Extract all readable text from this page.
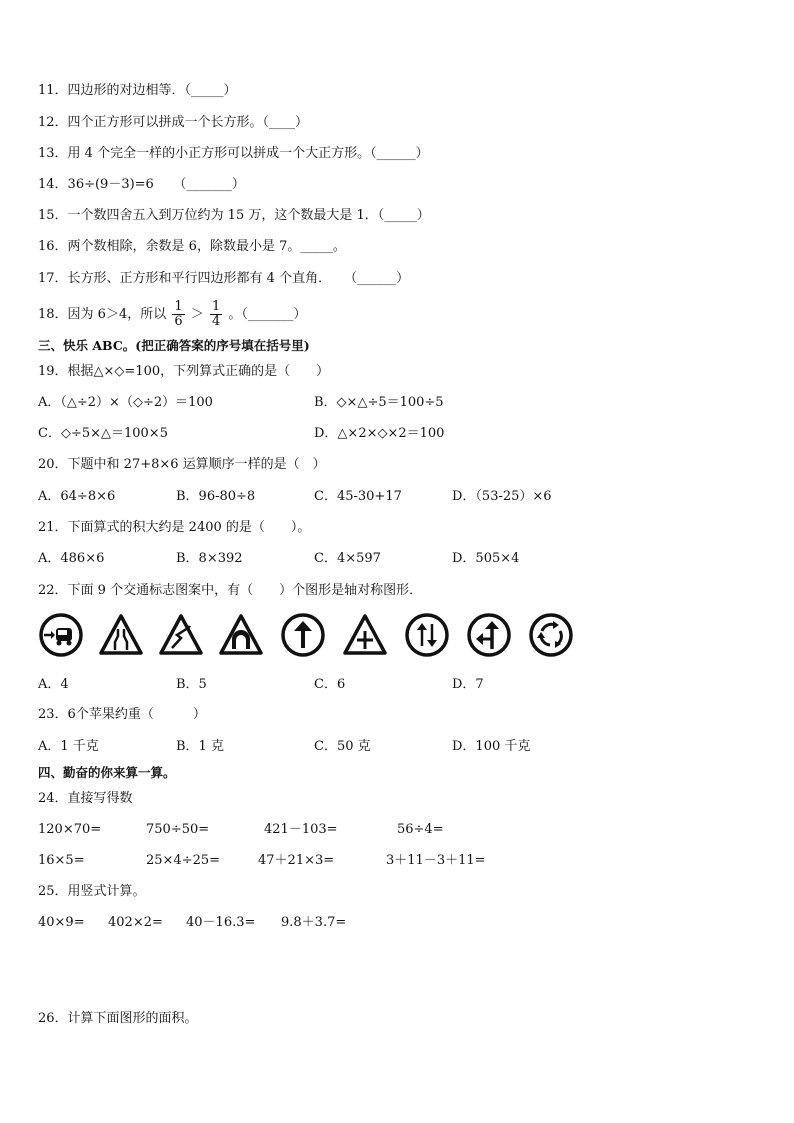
11．四边形的对边相等．（_____）
12．四个正方形可以拼成一个长方形。（____）
13．用 4 个完全一样的小正方形可以拼成一个大正方形。（______）
14．36÷(9－3)=6　　（_______）
15．一个数四舍五入到万位约为 15 万，这个数最大是 1．（_____）
16．两个数相除，余数是 6，除数最小是 7。_____。
17．长方形、正方形和平行四边形都有 4 个直角．　　（______）
18．因为 6＞4，所以 $\frac{1}{6} > \frac{1}{4}$ 。（_______）
三、快乐 ABC。(把正确答案的序号填在括号里)
19．根据△×◇=100，下列算式正确的是（　　）
A．（△÷2）×（◇÷2）＝100	B．◇×△÷5＝100÷5
C．◇÷5×△＝100×5	D．△×2×◇×2＝100
20．下题中和 27+8×6 运算顺序一样的是（　）
A．64÷8×6	B．96-80÷8	C．45-30+17	D．（53-25）×6
21．下面算式的积大约是 2400 的是（　　）。
A．486×6	B．8×392	C．4×597	D．505×4
22．下面 9 个交通标志图案中，有（　　）个图形是轴对称图形．
A．4	B．5	C．6	D．7
23．6个苹果约重（　　　）
A．1 千克	B．1 克	C．50 克	D．100 千克
四、勤奋的你来算一算。
24．直接写得数
120×70=	750÷50=	421－103=	56÷4=
16×5=	25×4÷25=	47＋21×3=	3＋11－3＋11=
25．用竖式计算。
40×9= 402×2= 40－16.3= 9.8＋3.7=
26．计算下面图形的面积。
